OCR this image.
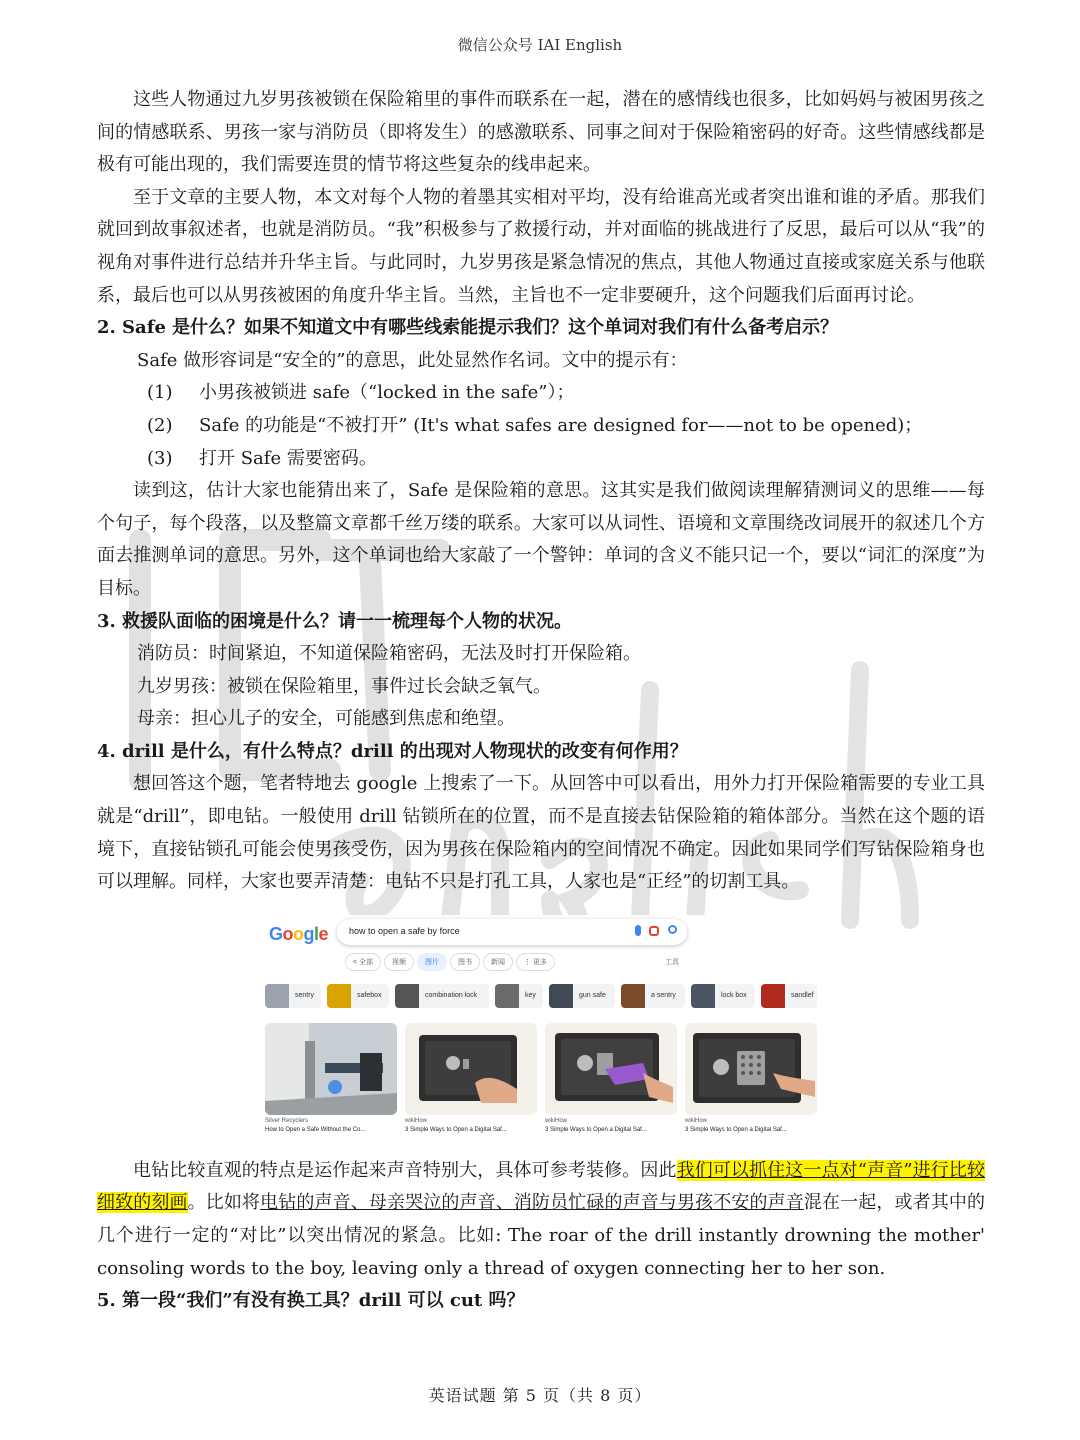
微信公众号 IAI English

这些人物通过九岁男孩被锁在保险箱里的事件而联系在一起，潜在的感情线也很多，比如妈妈与被困男孩之间的情感联系、男孩一家与消防员（即将发生）的感激联系、同事之间对于保险箱密码的好奇。这些情感线都是极有可能出现的，我们需要连贯的情节将这些复杂的线串起来。

至于文章的主要人物，本文对每个人物的着墨其实相对平均，没有给谁高光或者突出谁和谁的矛盾。那我们就回到故事叙述者，也就是消防员。“我”积极参与了救援行动，并对面临的挑战进行了反思，最后可以从“我”的视角对事件进行总结并升华主旨。与此同时，九岁男孩是紧急情况的焦点，其他人物通过直接或家庭关系与他联系，最后也可以从男孩被困的角度升华主旨。当然，主旨也不一定非要硬升，这个问题我们后面再讨论。

2. Safe 是什么？如果不知道文中有哪些线索能提示我们？这个单词对我们有什么备考启示？

Safe 做形容词是“安全的”的意思，此处显然作名词。文中的提示有：

(1) 小男孩被锁进 safe（“locked in the safe”）；

(2) Safe 的功能是“不被打开” (It's what safes are designed for——not to be opened)；

(3) 打开 Safe 需要密码。

读到这，估计大家也能猜出来了，Safe 是保险箱的意思。这其实是我们做阅读理解猜测词义的思维——每个句子，每个段落，以及整篇文章都千丝万缕的联系。大家可以从词性、语境和文章围绕改词展开的叙述几个方面去推测单词的意思。另外，这个单词也给大家敲了一个警钟：单词的含义不能只记一个，要以“词汇的深度”为目标。

3. 救援队面临的困境是什么？请一一梳理每个人物的状况。

消防员：时间紧迫，不知道保险箱密码，无法及时打开保险箱。

九岁男孩：被锁在保险箱里，事件过长会缺乏氧气。

母亲：担心儿子的安全，可能感到焦虑和绝望。

4. drill 是什么，有什么特点？drill 的出现对人物现状的改变有何作用？

想回答这个题，笔者特地去 google 上搜索了一下。从回答中可以看出，用外力打开保险箱需要的专业工具就是“drill”，即电钻。一般使用 drill 钻锁所在的位置，而不是直接去钻保险箱的箱体部分。当然在这个题的语境下，直接钻锁孔可能会使男孩受伤，因为男孩在保险箱内的空间情况不确定。因此如果同学们写钻保险箱身也可以理解。同样，大家也要弄清楚：电钻不只是打孔工具，人家也是“正经”的切割工具。

Google how to open a safe by force
< 全部	视频	图片	图书	新闻	⋮ 更多	工具
sentry	safebox	combination lock	key	gun safe	a sentry	lock box	sandlef
Silver Recyclers
How to Open a Safe Without the Co...
wikiHow
3 Simple Ways to Open a Digital Saf...
wikiHow
3 Simple Ways to Open a Digital Saf...
wikiHow
3 Simple Ways to Open a Digital Saf...

电钻比较直观的特点是运作起来声音特别大，具体可参考装修。因此我们可以抓住这一点对“声音”进行比较细致的刻画。比如将电钻的声音、母亲哭泣的声音、消防员忙碌的声音与男孩不安的声音混在一起，或者其中的几个进行一定的“对比”以突出情况的紧急。比如: The roar of the drill instantly drowning the mother' consoling words to the boy, leaving only a thread of oxygen connecting her to her son.

5. 第一段“我们”有没有换工具？drill 可以 cut 吗？

英语试题 第 5 页（共 8 页）
